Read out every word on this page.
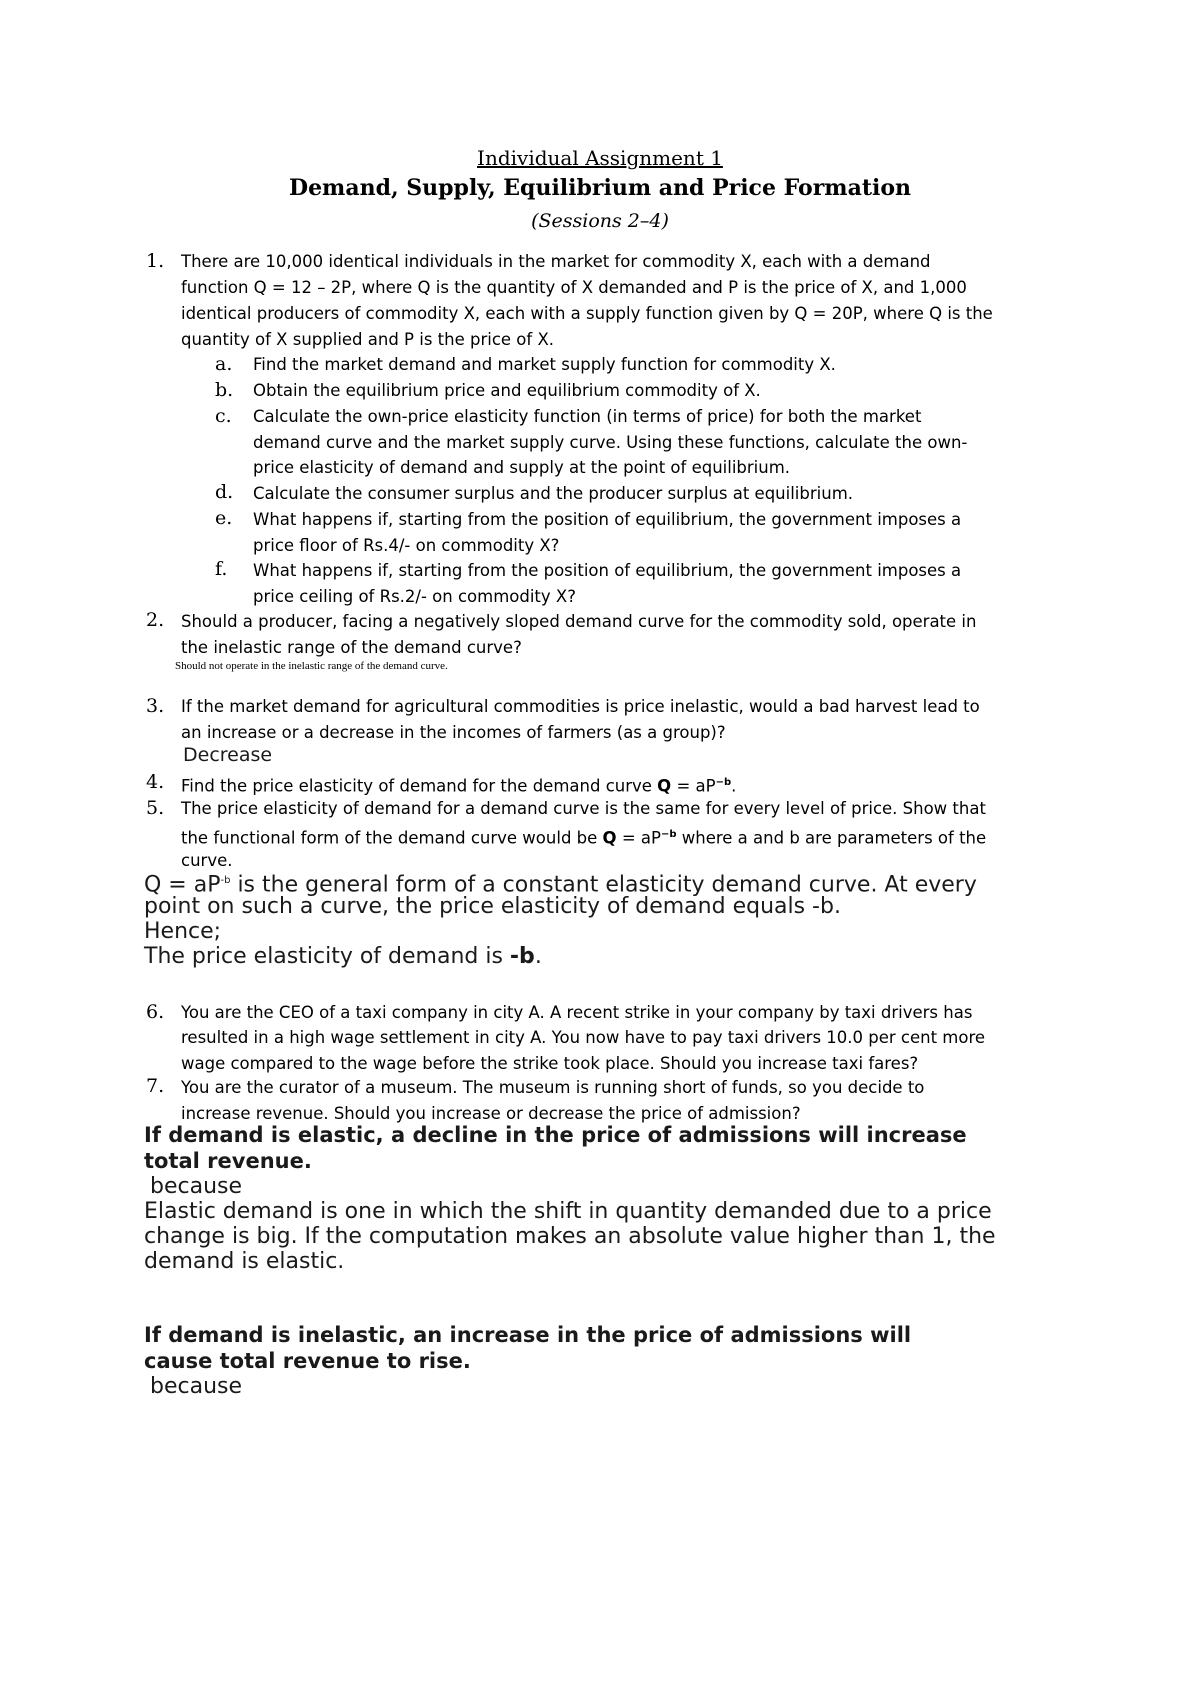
Individual Assignment 1
Demand, Supply, Equilibrium and Price Formation
(Sessions 2–4)
1. There are 10,000 identical individuals in the market for commodity X, each with a demand
function Q = 12 – 2P, where Q is the quantity of X demanded and P is the price of X, and 1,000
identical producers of commodity X, each with a supply function given by Q = 20P, where Q is the
quantity of X supplied and P is the price of X.
a. Find the market demand and market supply function for commodity X.
b. Obtain the equilibrium price and equilibrium commodity of X.
c. Calculate the own-price elasticity function (in terms of price) for both the market
demand curve and the market supply curve. Using these functions, calculate the own-
price elasticity of demand and supply at the point of equilibrium.
d. Calculate the consumer surplus and the producer surplus at equilibrium.
e. What happens if, starting from the position of equilibrium, the government imposes a
price floor of Rs.4/- on commodity X?
f. What happens if, starting from the position of equilibrium, the government imposes a
price ceiling of Rs.2/- on commodity X?
2. Should a producer, facing a negatively sloped demand curve for the commodity sold, operate in
the inelastic range of the demand curve?
Should not operate in the inelastic range of the demand curve.
3. If the market demand for agricultural commodities is price inelastic, would a bad harvest lead to
an increase or a decrease in the incomes of farmers (as a group)?
Decrease
4. Find the price elasticity of demand for the demand curve $Q = aP^{-b}$.
5. The price elasticity of demand for a demand curve is the same for every level of price. Show that
the functional form of the demand curve would be $Q = aP^{-b}$ where a and b are parameters of the
curve.
$Q = aP^{-b}$ is the general form of a constant elasticity demand curve. At every
point on such a curve, the price elasticity of demand equals -b.
Hence;
The price elasticity of demand is -b.
6. You are the CEO of a taxi company in city A. A recent strike in your company by taxi drivers has
resulted in a high wage settlement in city A. You now have to pay taxi drivers 10.0 per cent more
wage compared to the wage before the strike took place. Should you increase taxi fares?
7. You are the curator of a museum. The museum is running short of funds, so you decide to
increase revenue. Should you increase or decrease the price of admission?
If demand is elastic, a decline in the price of admissions will increase
total revenue.
because
Elastic demand is one in which the shift in quantity demanded due to a price
change is big. If the computation makes an absolute value higher than 1, the
demand is elastic.
If demand is inelastic, an increase in the price of admissions will
cause total revenue to rise.
because
